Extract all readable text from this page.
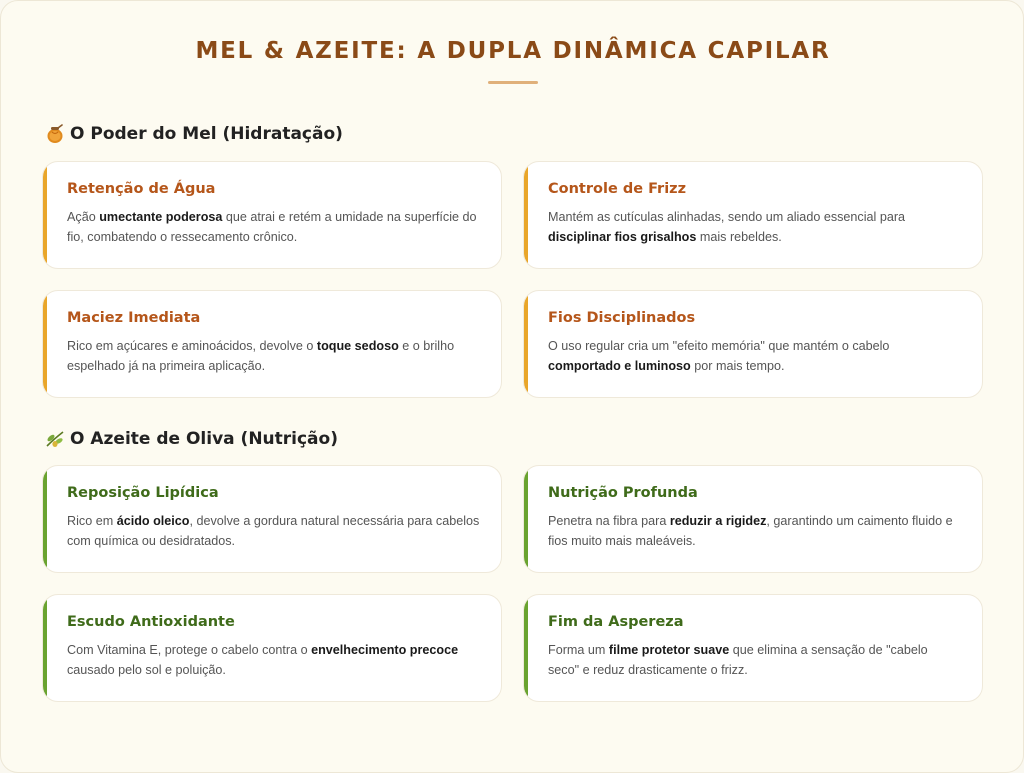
MEL & AZEITE: A DUPLA DINÂMICA CAPILAR
O Poder do Mel (Hidratação)
Retenção de Água

Ação umectante poderosa que atrai e retém a umidade na superfície do fio, combatendo o ressecamento crônico.

Controle de Frizz

Mantém as cutículas alinhadas, sendo um aliado essencial para disciplinar fios grisalhos mais rebeldes.

Maciez Imediata

Rico em açúcares e aminoácidos, devolve o toque sedoso e o brilho espelhado já na primeira aplicação.

Fios Disciplinados

O uso regular cria um "efeito memória" que mantém o cabelo comportado e luminoso por mais tempo.

O Azeite de Oliva (Nutrição)
Reposição Lipídica

Rico em ácido oleico, devolve a gordura natural necessária para cabelos com química ou desidratados.

Nutrição Profunda

Penetra na fibra para reduzir a rigidez, garantindo um caimento fluido e fios muito mais maleáveis.

Escudo Antioxidante

Com Vitamina E, protege o cabelo contra o envelhecimento precoce causado pelo sol e poluição.

Fim da Aspereza

Forma um filme protetor suave que elimina a sensação de "cabelo seco" e reduz drasticamente o frizz.
